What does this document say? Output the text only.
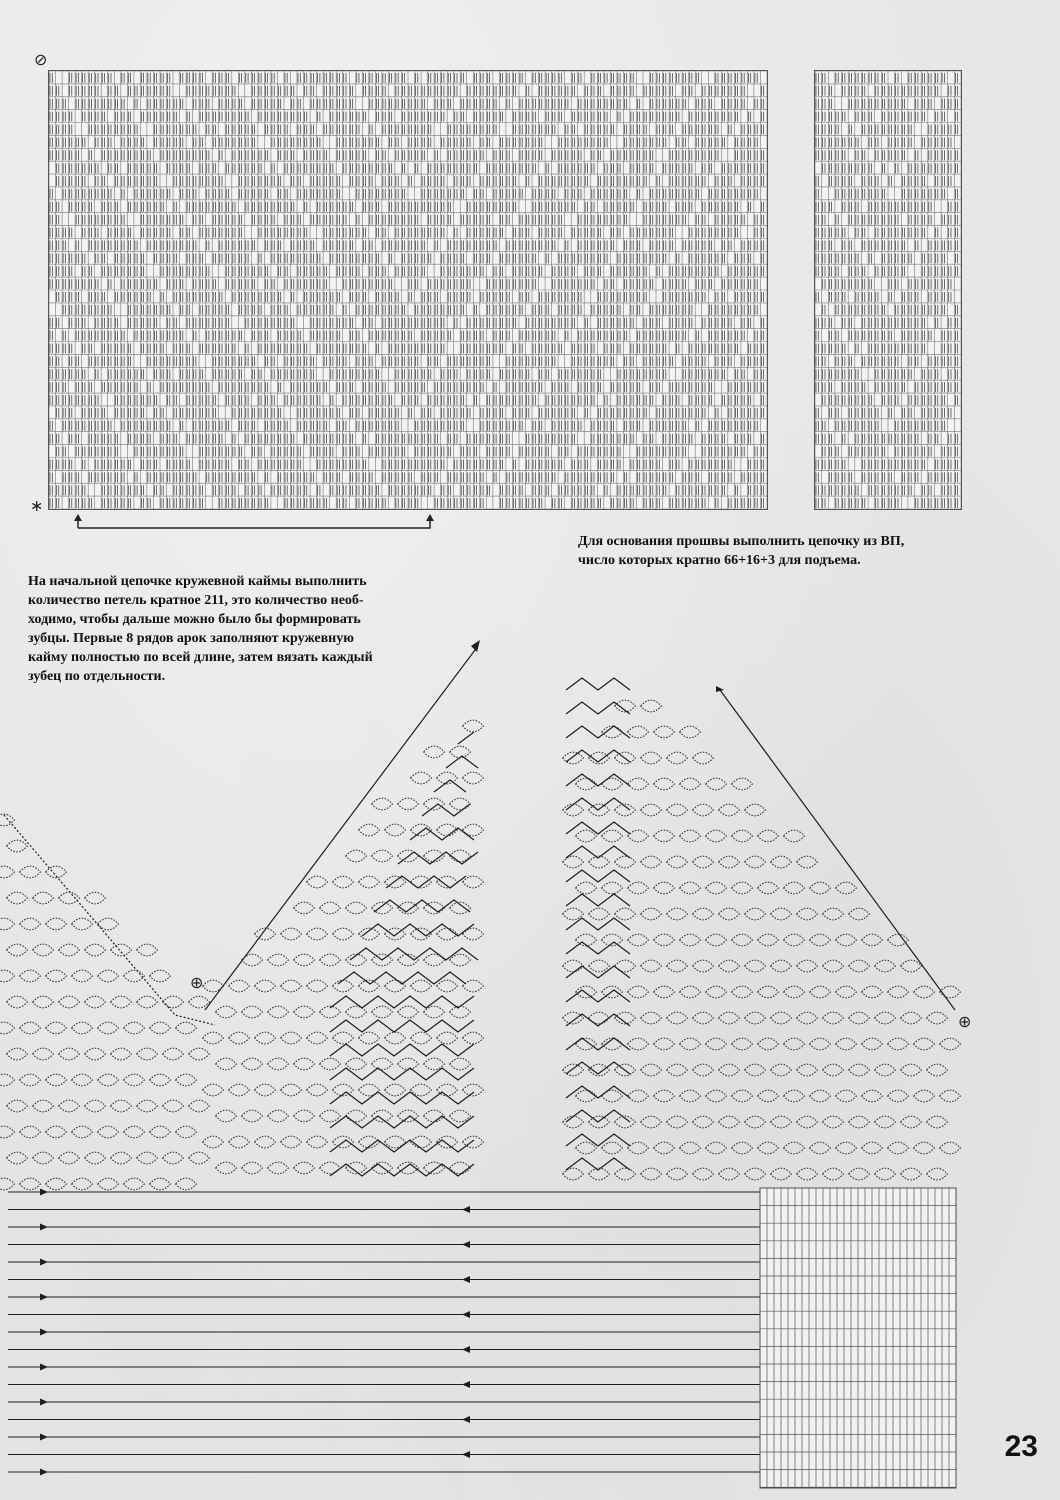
⊘
∗

Для основания прошвы выполнить цепочку из ВП,

число которых кратно 66+16+3 для подъема.

На начальной цепочке кружевной каймы выполнить

количество петель кратное 211, это количество необ-

ходимо, чтобы дальше можно было бы формировать

зубцы. Первые 8 рядов арок заполняют кружевную

кайму полностью по всей длине, затем вязать каждый

зубец по отдельности.

⊕
⊕
23
